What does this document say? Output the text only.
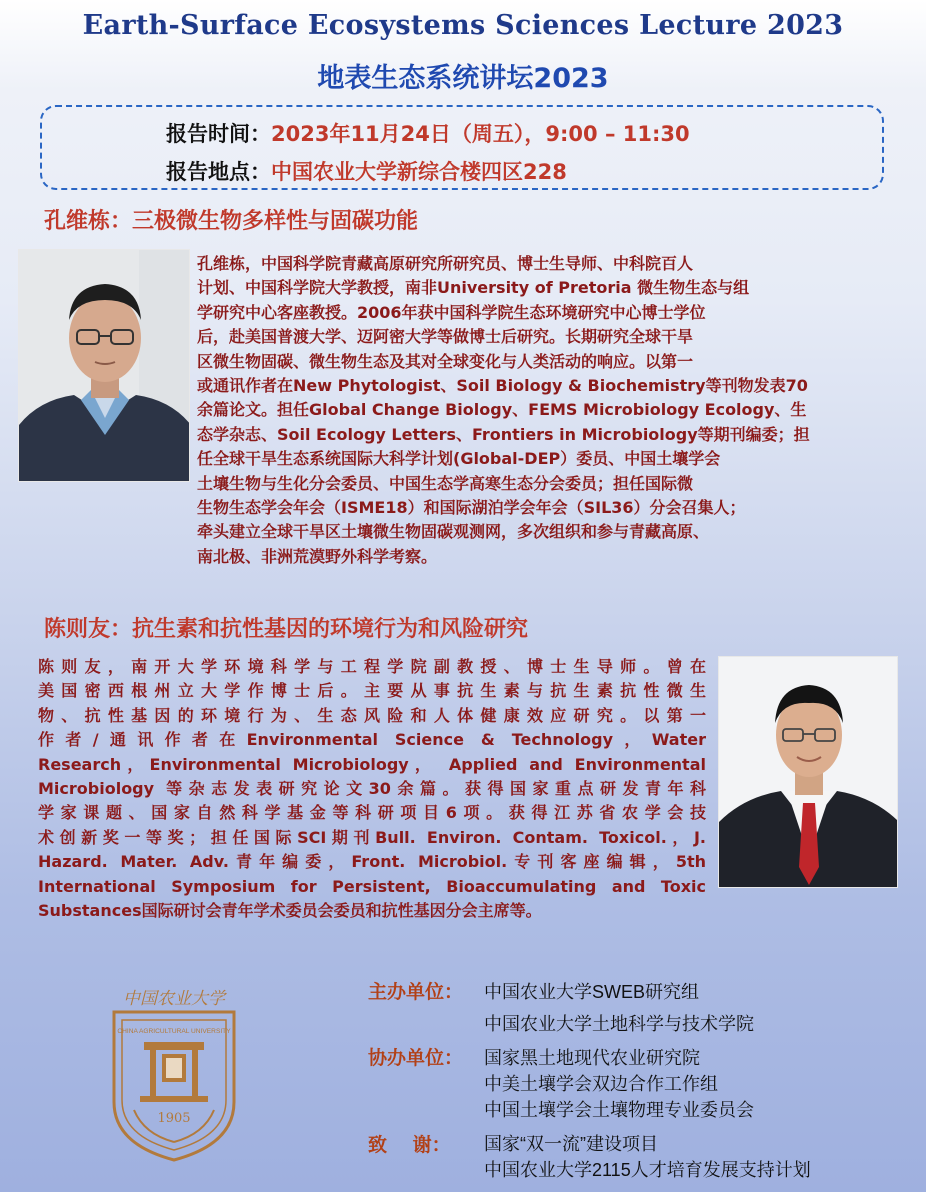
Earth-Surface Ecosystems Sciences Lecture 2023
地表生态系统讲坛2023
报告时间：2023年11月24日（周五），9:00 – 11:30
报告地点：中国农业大学新综合楼四区228
孔维栋：三极微生物多样性与固碳功能
孔维栋，中国科学院青藏高原研究所研究员、博士生导师、中科院百人
计划、中国科学院大学教授，南非University of Pretoria 微生物生态与组
学研究中心客座教授。2006年获中国科学院生态环境研究中心博士学位
后，赴美国普渡大学、迈阿密大学等做博士后研究。长期研究全球干旱
区微生物固碳、微生物生态及其对全球变化与人类活动的响应。以第一
或通讯作者在New Phytologist、Soil Biology & Biochemistry等刊物发表70
余篇论文。担任Global Change Biology、FEMS Microbiology Ecology、生
态学杂志、Soil Ecology Letters、Frontiers in Microbiology等期刊编委；担
任全球干旱生态系统国际大科学计划(Global-DEP）委员、中国土壤学会
土壤生物与生化分会委员、中国生态学高寒生态分会委员；担任国际微
生物生态学会年会（ISME18）和国际湖泊学会年会（SIL36）分会召集人；
牵头建立全球干旱区土壤微生物固碳观测网，多次组织和参与青藏高原、
南北极、非洲荒漠野外科学考察。
陈则友：抗生素和抗性基因的环境行为和风险研究
陈则友，南开大学环境科学与工程学院副教授、博士生导师。曾在
美国密西根州立大学作博士后。主要从事抗生素与抗生素抗性微生
物、抗性基因的环境行为、生态风险和人体健康效应研究。以第一
作者/通讯作者在Environmental Science & Technology，Water
Research，Environmental Microbiology， Applied and Environmental
Microbiology 等杂志发表研究论文30余篇。获得国家重点研发青年科
学家课题、国家自然科学基金等科研项目6项。获得江苏省农学会技
术创新奖一等奖；担任国际SCI期刊Bull. Environ. Contam. Toxicol.，J.
Hazard. Mater. Adv.青年编委，Front. Microbiol.专刊客座编辑，5th
International Symposium for Persistent, Bioaccumulating and Toxic
Substances国际研讨会青年学术委员会委员和抗性基因分会主席等。
中国农业大学
CHINA AGRICULTURAL UNIVERSITY
1905
主办单位： 中国农业大学SWEB研究组
中国农业大学土地科学与技术学院
协办单位： 国家黑土地现代农业研究院
中美土壤学会双边合作工作组
中国土壤学会土壤物理专业委员会
致　 谢： 国家“双一流”建设项目
中国农业大学2115人才培育发展支持计划
